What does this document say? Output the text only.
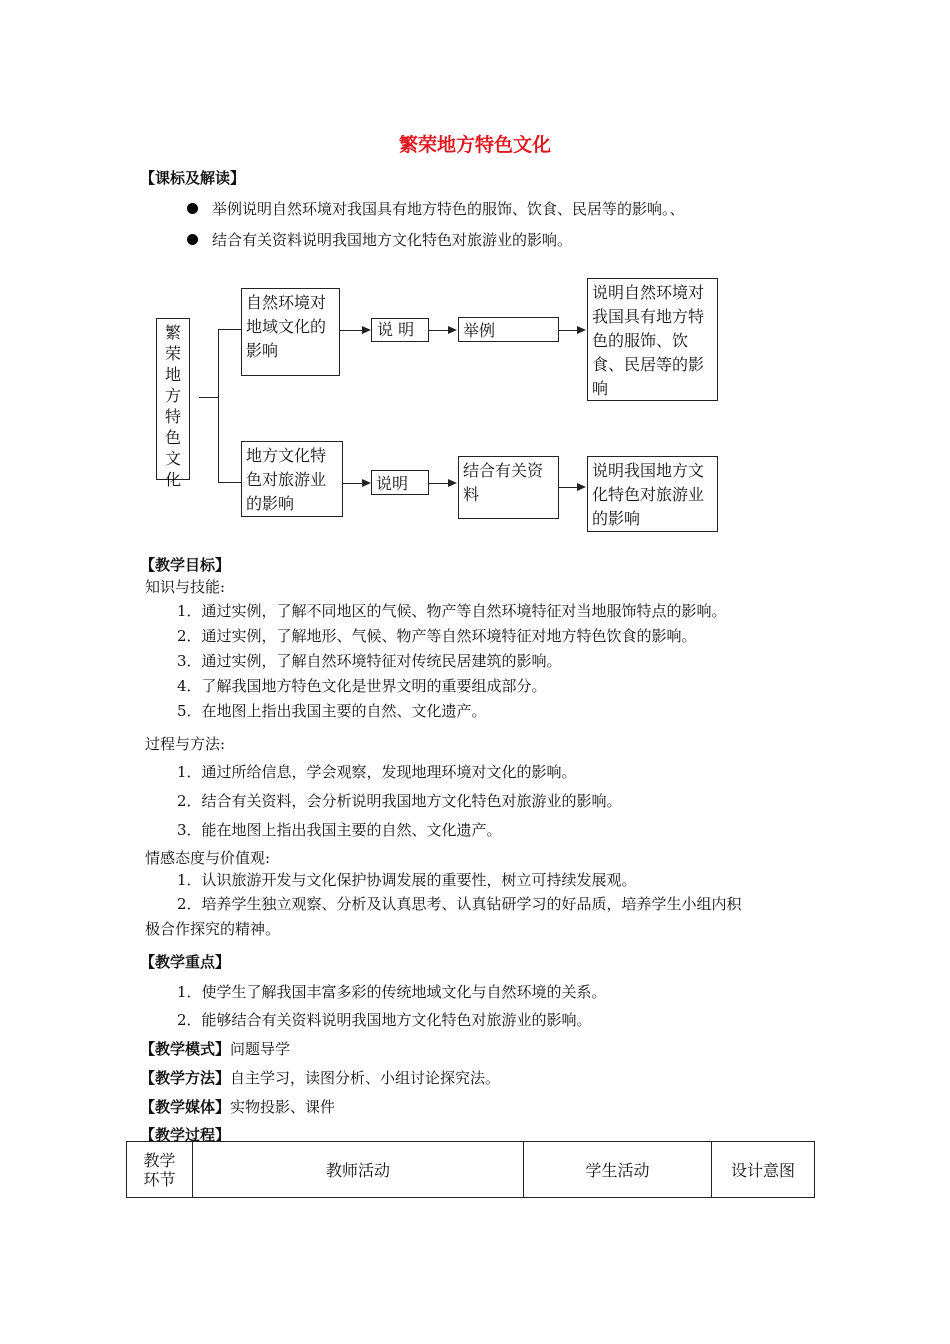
繁荣地方特色文化
【课标及解读】
举例说明自然环境对我国具有地方特色的服饰、饮食、民居等的影响。、
结合有关资料说明我国地方文化特色对旅游业的影响。
繁
荣
地
方
特
色
文
化
自然环境对地域文化的影响
说 明	举例
说明自然环境对我国具有地方特色的服饰、饮食、民居等的影响
地方文化特色对旅游业的影响
说明
结合有关资料
说明我国地方文化特色对旅游业的影响
【教学目标】
知识与技能:
1．通过实例，了解不同地区的气候、物产等自然环境特征对当地服饰特点的影响。
2．通过实例，了解地形、气候、物产等自然环境特征对地方特色饮食的影响。
3．通过实例，了解自然环境特征对传统民居建筑的影响。
4．了解我国地方特色文化是世界文明的重要组成部分。
5．在地图上指出我国主要的自然、文化遗产。
过程与方法:
1．通过所给信息，学会观察，发现地理环境对文化的影响。
2．结合有关资料，会分析说明我国地方文化特色对旅游业的影响。
3．能在地图上指出我国主要的自然、文化遗产。
情感态度与价值观:
1．认识旅游开发与文化保护协调发展的重要性，树立可持续发展观。
2．培养学生独立观察、分析及认真思考、认真钻研学习的好品质，培养学生小组内积
极合作探究的精神。
【教学重点】
1．使学生了解我国丰富多彩的传统地域文化与自然环境的关系。
2．能够结合有关资料说明我国地方文化特色对旅游业的影响。
【教学模式】问题导学
【教学方法】自主学习，读图分析、小组讨论探究法。
【教学媒体】实物投影、课件
【教学过程】
教学
环节	教师活动	学生活动	设计意图
